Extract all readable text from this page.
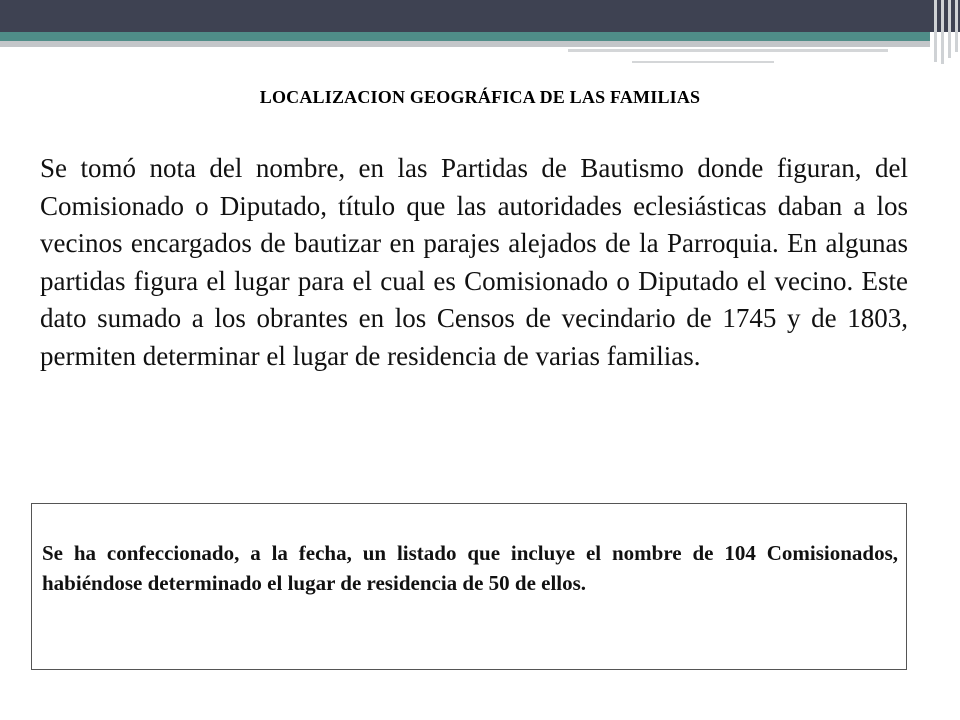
LOCALIZACION GEOGRÁFICA DE LAS FAMILIAS
Se tomó nota del nombre, en las Partidas de Bautismo donde figuran, del Comisionado o Diputado, título que las autoridades eclesiásticas daban a los vecinos encargados de bautizar en parajes alejados de la Parroquia. En algunas partidas figura el lugar para el cual es Comisionado o Diputado el vecino. Este dato sumado a los obrantes en los Censos de vecindario de 1745 y de 1803, permiten determinar el lugar de residencia de varias familias.
Se ha confeccionado, a la fecha, un listado que incluye el nombre de 104 Comisionados, habiéndose determinado el lugar de residencia de 50 de ellos.
